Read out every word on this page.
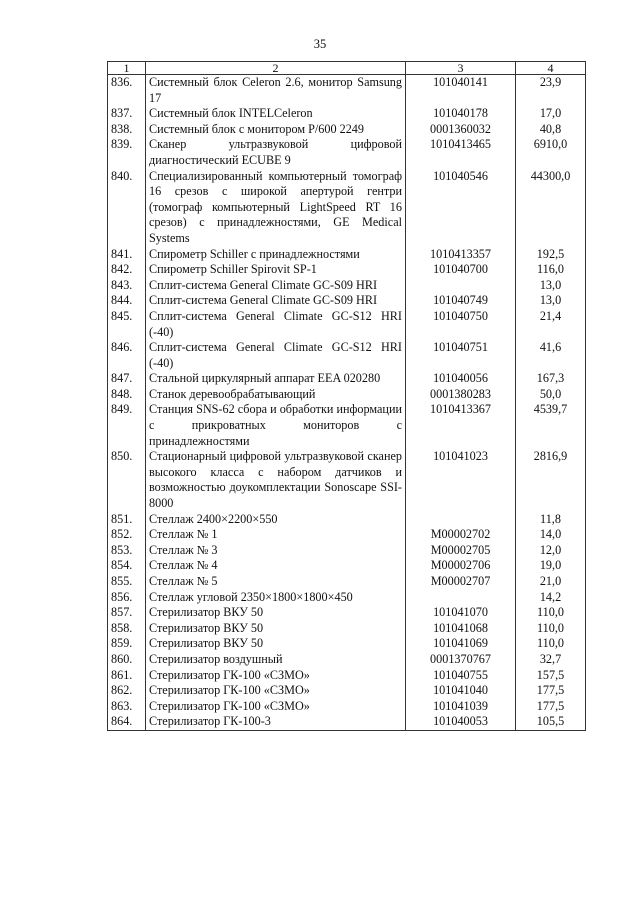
35
1	2	3	4
836.	Системный блок Celeron 2.6, монитор Samsung 17	101040141	23,9
837.	Системный блок INTELCeleron	101040178	17,0
838.	Системный блок с монитором Р/600 2249	0001360032	40,8
839.	Сканер ультразвуковой цифровой диагностический ECUBE 9	1010413465	6910,0
840.	Специализированный компьютерный томограф 16 срезов с широкой апертурой гентри (томограф компьютерный LightSpeed RT 16 срезов) с принадлежностями, GE Medical Systems	101040546	44300,0
841.	Спирометр Schiller с принадлежностями	1010413357	192,5
842.	Спирометр Schiller Spirovit SP-1	101040700	116,0
843.	Сплит-система General Climate GC-S09 HRI		13,0
844.	Сплит-система General Climate GC-S09 HRI	101040749	13,0
845.	Сплит-система General Climate GC-S12 HRI (-40)	101040750	21,4
846.	Сплит-система General Climate GC-S12 HRI (-40)	101040751	41,6
847.	Стальной циркулярный аппарат EEA 020280	101040056	167,3
848.	Станок деревообрабатывающий	0001380283	50,0
849.	Станция SNS-62 сбора и обработки информации с прикроватных мониторов с принадлежностями	1010413367	4539,7
850.	Стационарный цифровой ультразвуковой сканер высокого класса с набором датчиков и возможностью доукомплектации Sonoscape SSI-8000	101041023	2816,9
851.	Стеллаж 2400×2200×550		11,8
852.	Стеллаж № 1	М00002702	14,0
853.	Стеллаж № 3	М00002705	12,0
854.	Стеллаж № 4	М00002706	19,0
855.	Стеллаж № 5	М00002707	21,0
856.	Стеллаж угловой 2350×1800×1800×450		14,2
857.	Стерилизатор ВКУ 50	101041070	110,0
858.	Стерилизатор ВКУ 50	101041068	110,0
859.	Стерилизатор ВКУ 50	101041069	110,0
860.	Стерилизатор воздушный	0001370767	32,7
861.	Стерилизатор ГК-100 «СЗМО»	101040755	157,5
862.	Стерилизатор ГК-100 «СЗМО»	101041040	177,5
863.	Стерилизатор ГК-100 «СЗМО»	101041039	177,5
864.	Стерилизатор ГК-100-3	101040053	105,5
